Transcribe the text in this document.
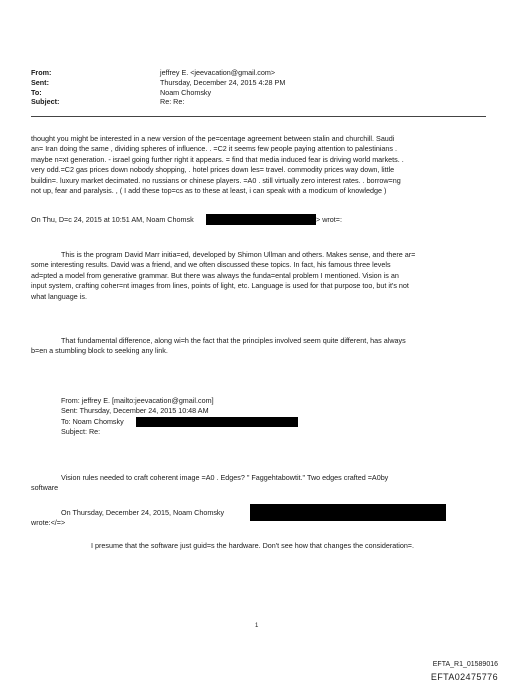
From:
Sent:
To:
Subject:
jeffrey E. <jeevacation@gmail.com>
Thursday, December 24, 2015 4:28 PM
Noam Chomsky
Re: Re:
thought you might be interested in a new version of the pe=centage agreement between stalin and churchill. Saudi
an= Iran doing the same , dividing spheres of influence. . =C2 it seems few people paying attention to palestinians .
maybe n=xt generation. - israel going further right it appears. = find that media induced fear is driving world markets. .
very odd.=C2 gas prices down nobody shopping, . hotel prices down les= travel. commodity prices way down, little
buildin=. luxury market decimated. no russians or chinese players. =A0 . still virtually zero interest rates. . borrow=ng
not up, fear and paralysis. , ( I add these top=cs as to these at least, i can speak with a modicum of knowledge )
On Thu, D=c 24, 2015 at 10:51 AM, Noam Chomsk	> wrot=:
This is the program David Marr initia=ed, developed by Shimon Ullman and others. Makes sense, and there ar=
some interesting results. David was a friend, and we often discussed these topics. In fact, his famous three levels
ad=pted a model from generative grammar. But there was always the funda=ental problem I mentioned. Vision is an
input system, crafting coher=nt images from lines, points of light, etc. Language is used for that purpose too, but it's not
what language is.
That fundamental difference, along wi=h the fact that the principles involved seem quite different, has always
b=en a stumbling block to seeking any link.
From: jeffrey E. [mailto:jeevacation@gmail.com]
Sent: Thursday, December 24, 2015 10:48 AM
To: Noam Chomsky
Subject: Re:
Vision rules needed to craft coherent image =A0 . Edges? " Faggehtabowtit." Two edges crafted =A0by
software
On Thursday, December 24, 2015, Noam Chomsky
wrote:</=>
I presume that the software just guid=s the hardware. Don't see how that changes the consideration=.
1
EFTA_R1_01589016
EFTA02475776
